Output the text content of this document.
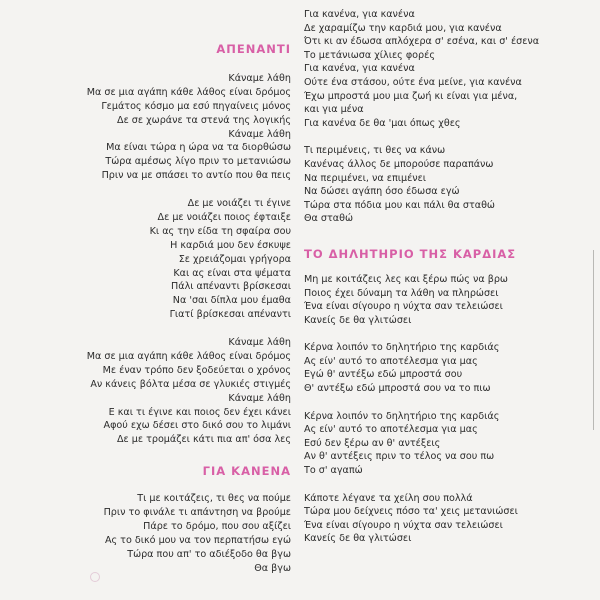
ΑΠΕΝΑΝΤΙ
Κάναμε λάθη
Μα σε μια αγάπη κάθε λάθος είναι δρόμος
Γεμάτος κόσμο μα εσύ πηγαίνεις μόνος
Δε σε χωράνε τα στενά της λογικής
Κάναμε λάθη
Μα είναι τώρα η ώρα να τα διορθώσω
Τώρα αμέσως λίγο πριν το μετανιώσω
Πριν να με σπάσει το αντίο που θα πεις
Δε με νοιάζει τι έγινε
Δε με νοιάζει ποιος έφταιξε
Κι ας την είδα τη σφαίρα σου
Η καρδιά μου δεν έσκυψε
Σε χρειάζομαι γρήγορα
Και ας είναι στα ψέματα
Πάλι απέναντι βρίσκεσαι
Να 'σαι δίπλα μου έμαθα
Γιατί βρίσκεσαι απέναντι
Κάναμε λάθη
Μα σε μια αγάπη κάθε λάθος είναι δρόμος
Με έναν τρόπο δεν ξοδεύεται ο χρόνος
Αν κάνεις βόλτα μέσα σε γλυκιές στιγμές
Κάναμε λάθη
Ε και τι έγινε και ποιος δεν έχει κάνει
Αφού εχω δέσει στο δικό σου το λιμάνι
Δε με τρομάζει κάτι πια απ' όσα λες
ΓΙΑ ΚΑΝΕΝΑ
Τι με κοιτάζεις, τι θες να πούμε
Πριν το φινάλε τι απάντηση να βρούμε
Πάρε το δρόμο, που σου αξίζει
Ας το δικό μου να τον περπατήσω εγώ
Τώρα που απ' το αδιέξοδο θα βγω
Θα βγω
Για κανένα, για κανένα
Δε χαραμίζω την καρδιά μου, για κανένα
Ότι κι αν έδωσα απλόχερα σ' εσένα, και σ' έσενα
Το μετάνιωσα χίλιες φορές
Για κανένα, για κανένα
Ούτε ένα στάσου, ούτε ένα μείνε, για κανένα
Έχω μπροστά μου μια ζωή κι είναι για μένα,
και για μένα
Για κανένα δε θα 'μαι όπως χθες
Τι περιμένεις, τι θες να κάνω
Κανένας άλλος δε μπορούσε παραπάνω
Να περιμένει, να επιμένει
Να δώσει αγάπη όσο έδωσα εγώ
Τώρα στα πόδια μου και πάλι θα σταθώ
Θα σταθώ
ΤΟ ΔΗΛΗΤΗΡΙΟ ΤΗΣ ΚΑΡΔΙΑΣ
Μη με κοιτάζεις λες και ξέρω πώς να βρω
Ποιος έχει δύναμη τα λάθη να πληρώσει
Ένα είναι σίγουρο η νύχτα σαν τελειώσει
Κανείς δε θα γλιτώσει
Κέρνα λοιπόν το δηλητήριο της καρδιάς
Ας είν' αυτό το αποτέλεσμα για μας
Εγώ θ' αντέξω εδώ μπροστά σου
Θ' αντέξω εδώ μπροστά σου να το πιω
Κέρνα λοιπόν το δηλητήριο της καρδιάς
Ας είν' αυτό το αποτέλεσμα για μας
Εσύ δεν ξέρω αν θ' αντέξεις
Αν θ' αντέξεις πριν το τέλος να σου πω
Το σ' αγαπώ
Κάποτε λέγανε τα χείλη σου πολλά
Τώρα μου δείχνεις πόσο τα' χεις μετανιώσει
Ένα είναι σίγουρο η νύχτα σαν τελειώσει
Κανείς δε θα γλιτώσει
